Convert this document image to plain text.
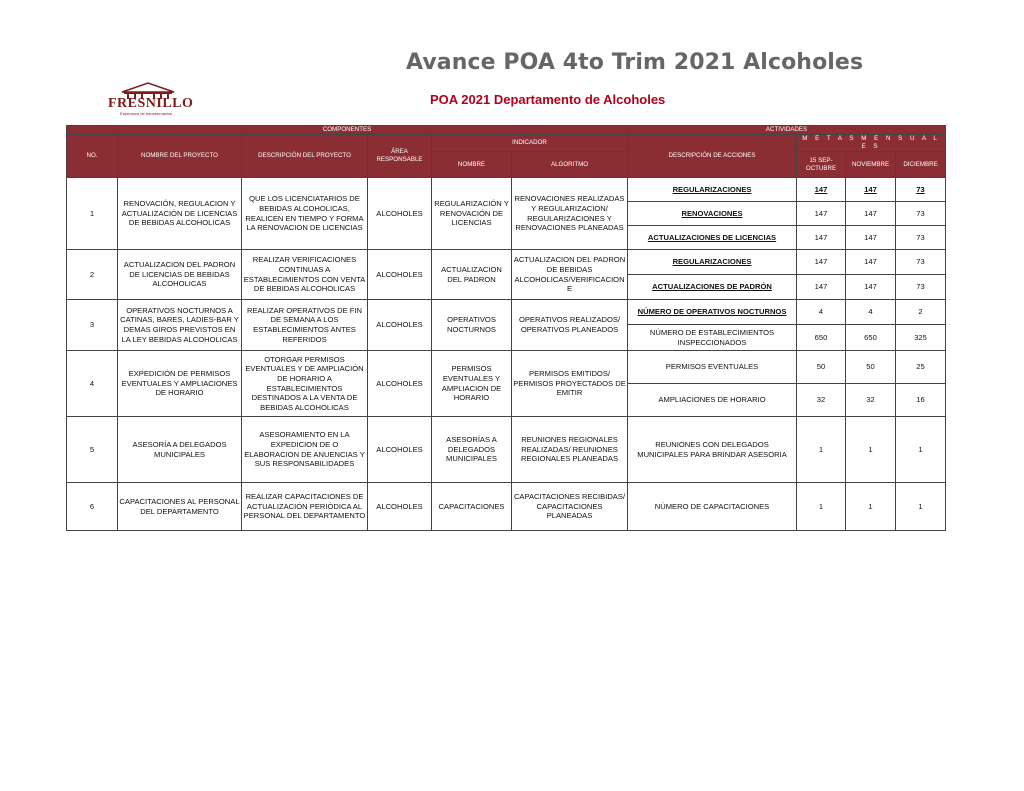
Avance POA 4to Trim 2021 Alcoholes
POA 2021 Departamento de Alcoholes
FRESNILLO
Esperanza de transformación
COMPONENTES						ACTIVIDADES			
NO.	NOMBRE DEL PROYECTO	DESCRIPCIÓN DEL PROYECTO	ÁREA RESPONSABLE	INDICADOR		DESCRIPCIÓN DE ACCIONES	M E T A S M E N S U A L E S		
				NOMBRE	ALGORITMO		15 SEP-OCTUBRE	NOVIEMBRE	DICIEMBRE

1	RENOVACIÓN, REGULACION Y ACTUALIZACIÓN DE LICENCIAS DE BEBIDAS ALCOHOLICAS	QUE LOS LICENCIATARIOS DE BEBIDAS ALCOHOLICAS, REALICEN EN TIEMPO Y FORMA LA RENOVACION DE LICENCIAS	ALCOHOLES	REGULARIZACIÓN Y RENOVACIÓN DE LICENCIAS	RENOVACIONES REALIZADAS Y REGULARIZACION/ REGULARIZACIONES Y RENOVACIONES PLANEADAS	REGULARIZACIONES	147	147	73
						RENOVACIONES	147	147	73
						ACTUALIZACIONES DE LICENCIAS	147	147	73
2	ACTUALIZACION DEL PADRON DE LICENCIAS DE BEBIDAS ALCOHOLICAS	REALIZAR VERIFICACIONES CONTINUAS A ESTABLECIMIENTOS CON VENTA DE BEBIDAS ALCOHOLICAS	ALCOHOLES	ACTUALIZACION DEL PADRON	ACTUALIZACION DEL PADRON DE BEBIDAS ALCOHOLICAS/VERIFICACION E	REGULARIZACIONES	147	147	73
						ACTUALIZACIONES DE PADRÓN	147	147	73
3	OPERATIVOS NOCTURNOS A CATINAS, BARES, LADIES-BAR Y DEMAS GIROS PREVISTOS EN LA LEY BEBIDAS ALCOHOLICAS	REALIZAR OPERATIVOS DE FIN DE SEMANA A LOS ESTABLECIMIENTOS ANTES REFERIDOS	ALCOHOLES	OPERATIVOS NOCTURNOS	OPERATIVOS REALIZADOS/ OPERATIVOS PLANEADOS	NÚMERO DE OPERATIVOS NOCTURNOS	4	4	2
						NÚMERO DE ESTABLECIMIENTOS INSPECCIONADOS	650	650	325
4	EXPEDICIÓN DE PERMISOS EVENTUALES Y AMPLIACIONES DE HORARIO	OTORGAR PERMISOS EVENTUALES Y DE AMPLIACIÓN DE HORARIO A ESTABLECIMIENTOS DESTINADOS A LA VENTA DE BEBIDAS ALCOHOLICAS	ALCOHOLES	PERMISOS EVENTUALES Y AMPLIACION DE HORARIO	PERMISOS EMITIDOS/ PERMISOS PROYECTADOS DE EMITIR	PERMISOS EVENTUALES	50	50	25
						AMPLIACIONES DE HORARIO	32	32	16
5	ASESORÍA A DELEGADOS MUNICIPALES	ASESORAMIENTO EN LA EXPEDICION DE O ELABORACION DE ANUENCIAS Y SUS RESPONSABILIDADES	ALCOHOLES	ASESORÍAS A DELEGADOS MUNICIPALES	REUNIONES REGIONALES REALIZADAS/ REUNIONES REGIONALES PLANEADAS	REUNIONES CON DELEGADOS MUNICIPALES PARA BRINDAR ASESORIA	1	1	1
6	CAPACITACIONES AL PERSONAL DEL DEPARTAMENTO	REALIZAR CAPACITACIONES DE ACTUALIZACIÓN PERIÓDICA AL PERSONAL DEL DEPARTAMENTO	ALCOHOLES	CAPACITACIONES	CAPACITACIONES RECIBIDAS/ CAPACITACIONES PLANEADAS	NÚMERO DE CAPACITACIONES	1	1	1
